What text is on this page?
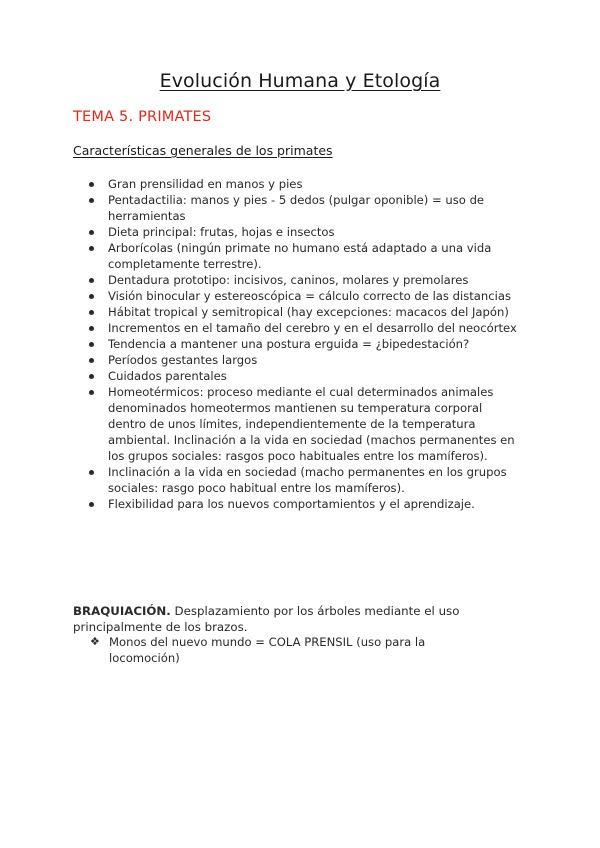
Evolución Humana y Etología
TEMA 5. PRIMATES
Características generales de los primates
Gran prensilidad en manos y pies
Pentadactilia: manos y pies - 5 dedos (pulgar oponible) = uso de herramientas
Dieta principal: frutas, hojas e insectos
Arborícolas (ningún primate no humano está adaptado a una vida completamente terrestre).
Dentadura prototipo: incisivos, caninos, molares y premolares
Visión binocular y estereoscópica = cálculo correcto de las distancias
Hábitat tropical y semitropical (hay excepciones: macacos del Japón)
Incrementos en el tamaño del cerebro y en el desarrollo del neocórtex
Tendencia a mantener una postura erguida = ¿bipedestación?
Períodos gestantes largos
Cuidados parentales
Homeotérmicos: proceso mediante el cual determinados animales denominados homeotermos mantienen su temperatura corporal dentro de unos límites, independientemente de la temperatura ambiental. Inclinación a la vida en sociedad (machos permanentes en los grupos sociales: rasgos poco habituales entre los mamíferos).
Inclinación a la vida en sociedad (macho permanentes en los grupos sociales: rasgo poco habitual entre los mamíferos).
Flexibilidad para los nuevos comportamientos y el aprendizaje.
BRAQUIACIÓN. Desplazamiento por los árboles mediante el uso principalmente de los brazos.
❖ Monos del nuevo mundo = COLA PRENSIL (uso para la locomoción)
